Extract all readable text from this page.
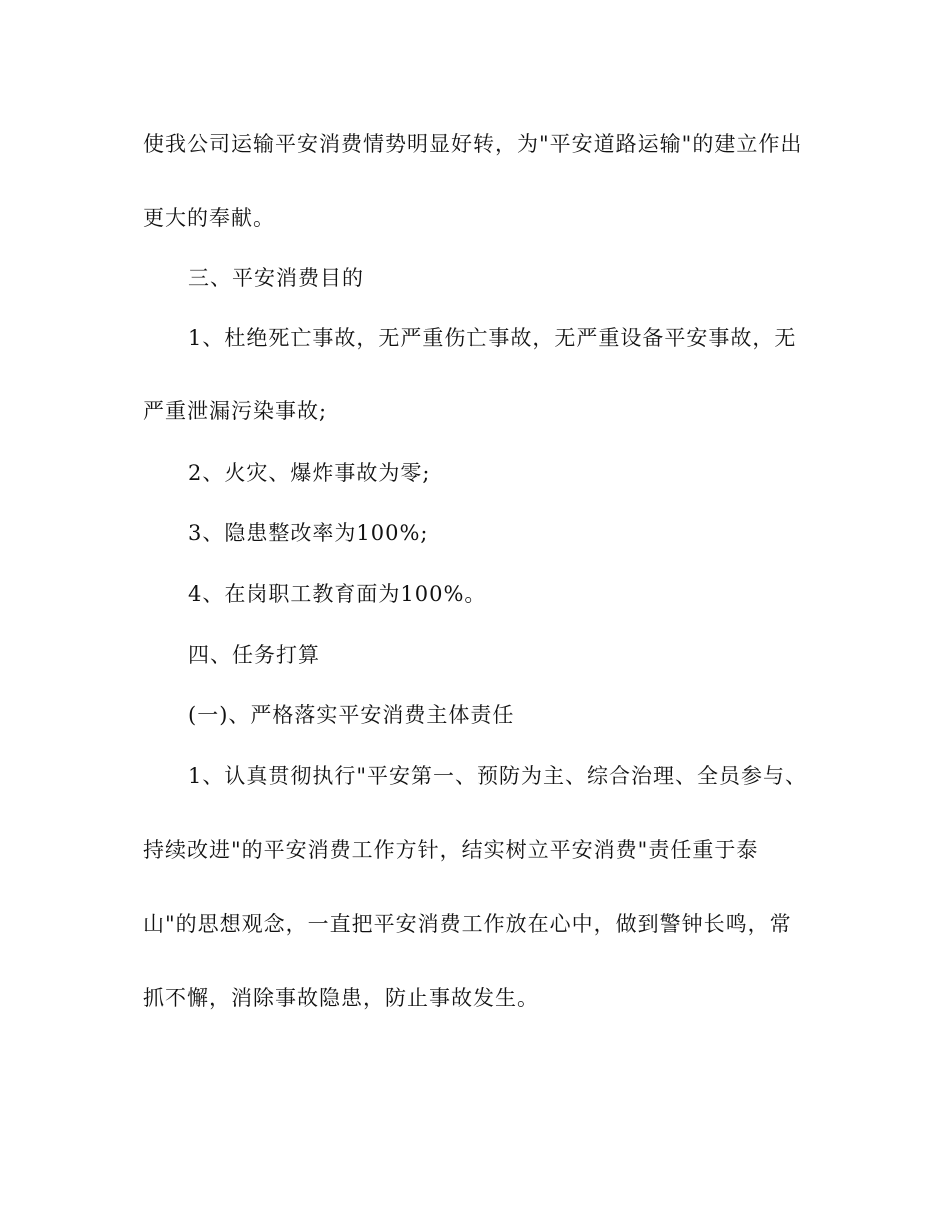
使我公司运输平安消费情势明显好转，为"平安道路运输"的建立作出

更大的奉献。

三、平安消费目的

1、杜绝死亡事故，无严重伤亡事故，无严重设备平安事故，无

严重泄漏污染事故;

2、火灾、爆炸事故为零;

3、隐患整改率为100%;

4、在岗职工教育面为100%。

四、任务打算

(一)、严格落实平安消费主体责任

1、认真贯彻执行"平安第一、预防为主、综合治理、全员参与、

持续改进"的平安消费工作方针，结实树立平安消费"责任重于泰

山"的思想观念，一直把平安消费工作放在心中，做到警钟长鸣，常

抓不懈，消除事故隐患，防止事故发生。
